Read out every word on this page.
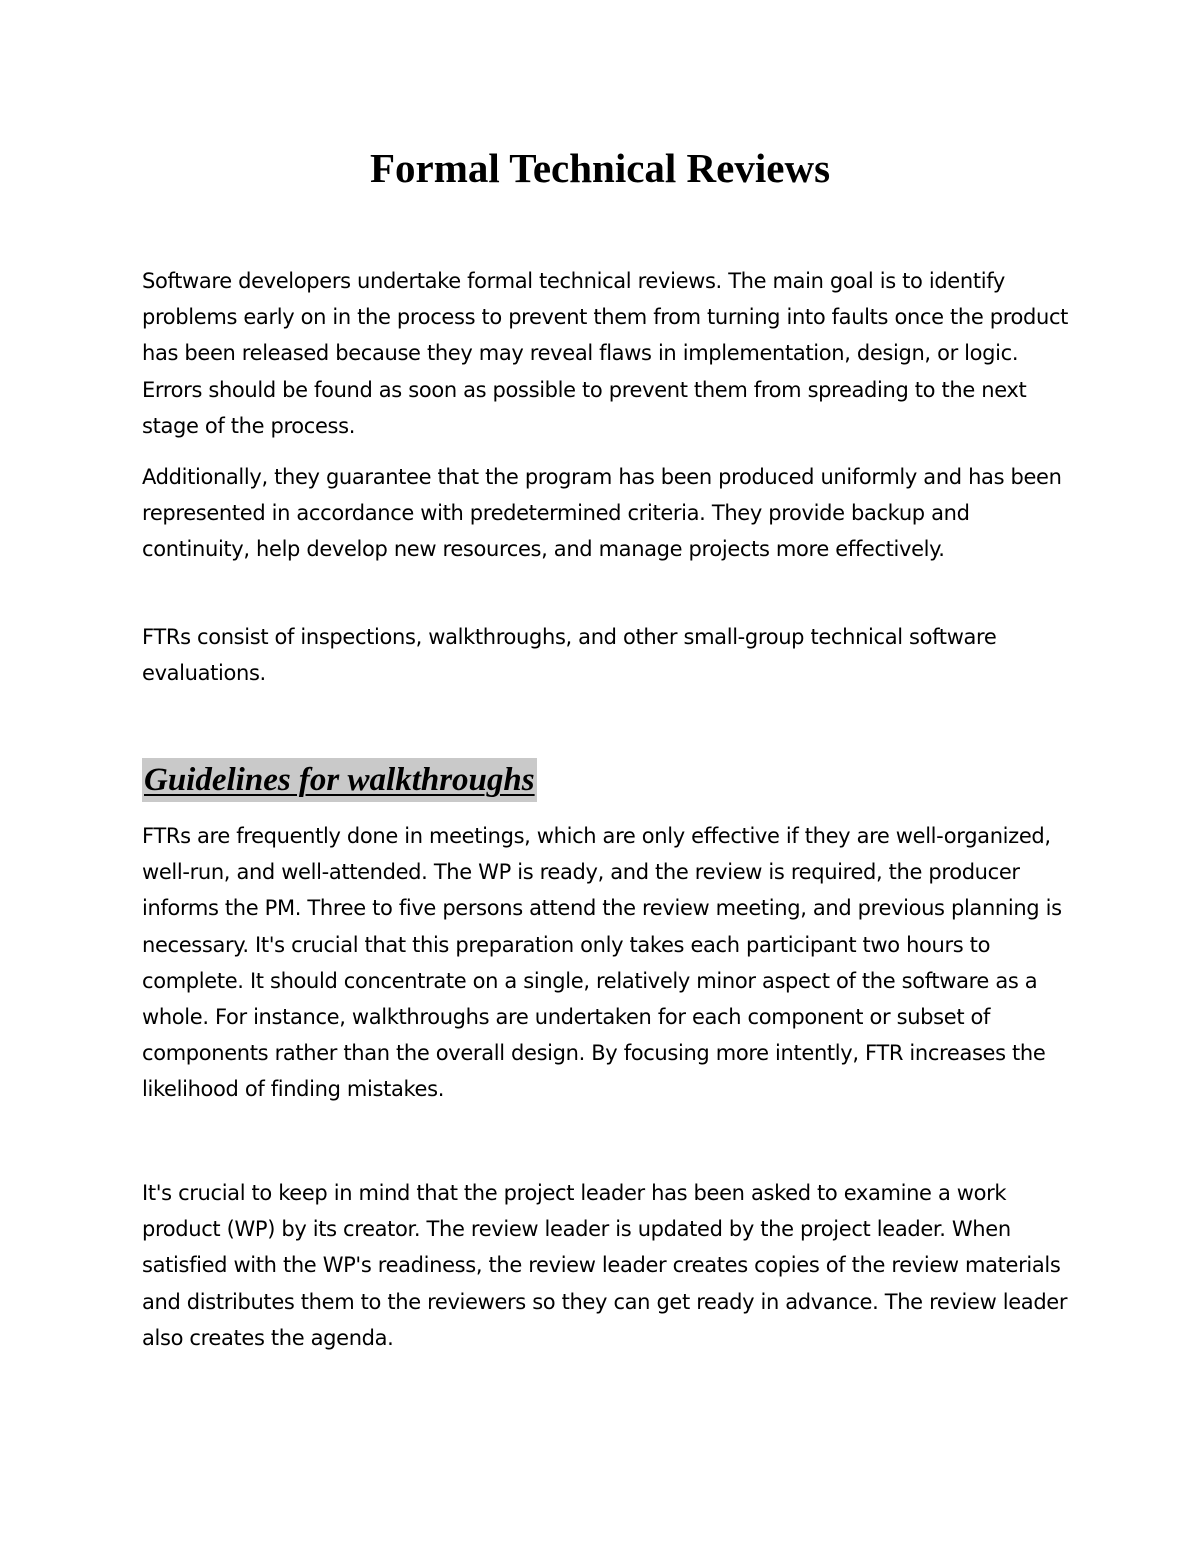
Formal Technical Reviews

Software developers undertake formal technical reviews. The main goal is to identify problems early on in the process to prevent them from turning into faults once the product has been released because they may reveal flaws in implementation, design, or logic. Errors should be found as soon as possible to prevent them from spreading to the next stage of the process.

Additionally, they guarantee that the program has been produced uniformly and has been represented in accordance with predetermined criteria. They provide backup and continuity, help develop new resources, and manage projects more effectively.

FTRs consist of inspections, walkthroughs, and other small-group technical software evaluations.

Guidelines for walkthroughs

FTRs are frequently done in meetings, which are only effective if they are well-organized, well-run, and well-attended. The WP is ready, and the review is required, the producer informs the PM. Three to five persons attend the review meeting, and previous planning is necessary. It's crucial that this preparation only takes each participant two hours to complete. It should concentrate on a single, relatively minor aspect of the software as a whole. For instance, walkthroughs are undertaken for each component or subset of components rather than the overall design. By focusing more intently, FTR increases the likelihood of finding mistakes.

It's crucial to keep in mind that the project leader has been asked to examine a work product (WP) by its creator. The review leader is updated by the project leader. When satisfied with the WP's readiness, the review leader creates copies of the review materials and distributes them to the reviewers so they can get ready in advance. The review leader also creates the agenda.
